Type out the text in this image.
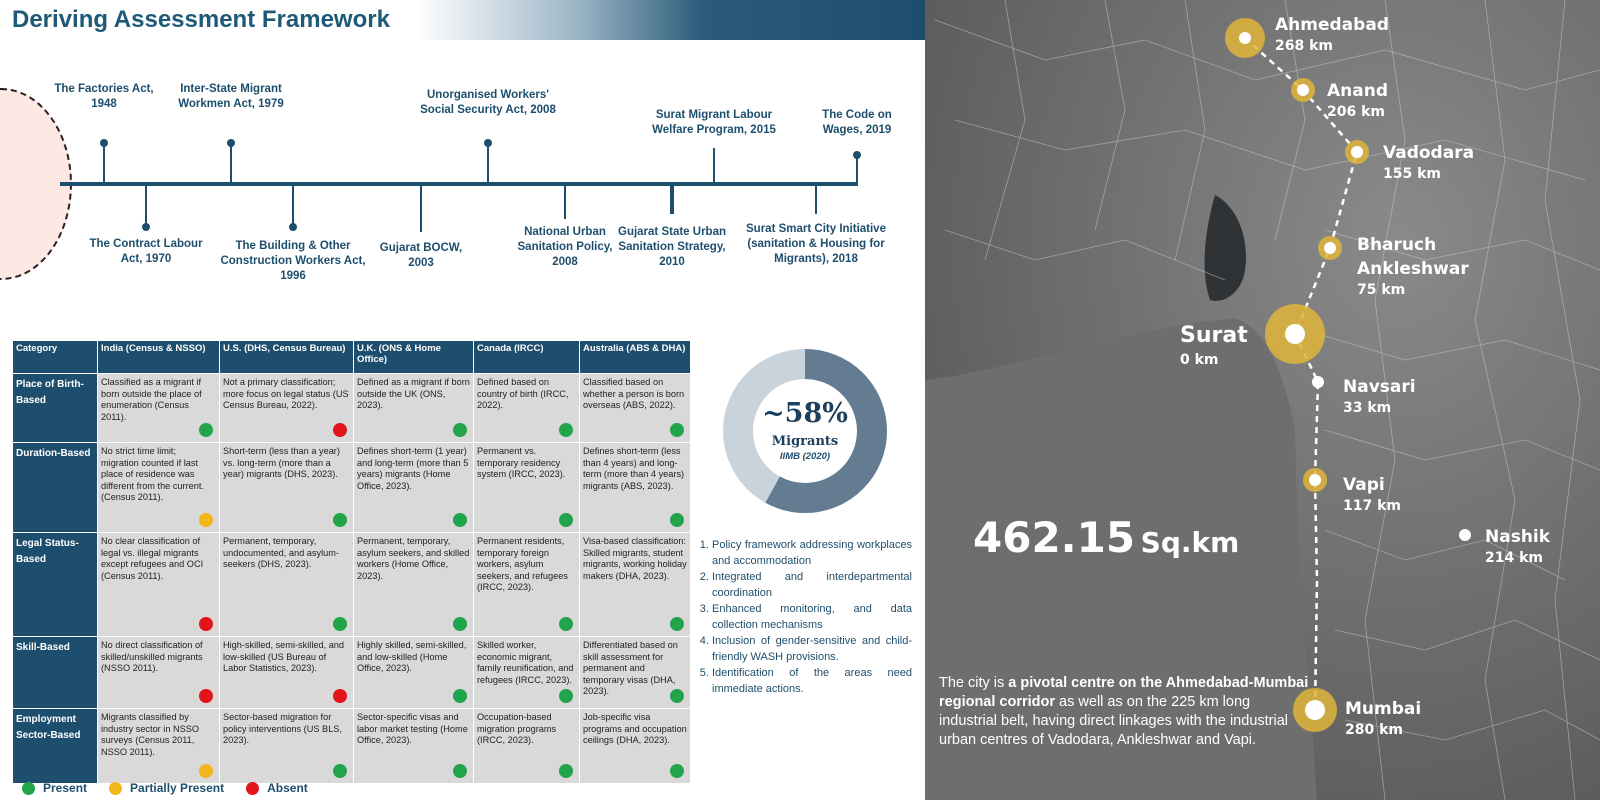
Deriving Assessment Framework
The Factories Act, 1948
The Contract Labour Act, 1970
Inter-State Migrant Workmen Act, 1979
The Building & Other Construction Workers Act, 1996
Gujarat BOCW, 2003
Unorganised Workers' Social Security Act, 2008
National Urban Sanitation Policy, 2008
Gujarat State Urban Sanitation Strategy, 2010
Surat Migrant Labour Welfare Program, 2015
Surat Smart City Initiative (sanitation & Housing for Migrants), 2018
The Code on Wages, 2019
Category	India (Census & NSSO)	U.S. (DHS, Census Bureau)	U.K. (ONS & Home Office)	Canada (IRCC)	Australia (ABS & DHA)
Place of Birth-Based	Classified as a migrant if born outside the place of enumeration (Census 2011).	Not a primary classification; more focus on legal status (US Census Bureau, 2022).	Defined as a migrant if born outside the UK (ONS, 2023).	Defined based on country of birth (IRCC, 2022).	Classified based on whether a person is born overseas (ABS, 2022).

Duration-Based	No strict time limit; migration counted if last place of residence was different from the current. (Census 2011).	Short-term (less than a year) vs. long-term (more than a year) migrants (DHS, 2023).	Defines short-term (1 year) and long-term (more than 5 years) migrants (Home Office, 2023).	Permanent vs. temporary residency system (IRCC, 2023).	Defines short-term (less than 4 years) and long-term (more than 4 years) migrants (ABS, 2023).

Legal Status-Based	No clear classification of legal vs. illegal migrants except refugees and OCI (Census 2011).	Permanent, temporary, undocumented, and asylum-seekers (DHS, 2023).	Permanent, temporary, asylum seekers, and skilled workers (Home Office, 2023).	Permanent residents, temporary foreign workers, asylum seekers, and refugees (IRCC, 2023).	Visa-based classification: Skilled migrants, student migrants, working holiday makers (DHA, 2023).

Skill-Based	No direct classification of skilled/unskilled migrants (NSSO 2011).	High-skilled, semi-skilled, and low-skilled (US Bureau of Labor Statistics, 2023).	Highly skilled, semi-skilled, and low-skilled (Home Office, 2023).	Skilled worker, economic migrant, family reunification, and refugees (IRCC, 2023).	Differentiated based on skill assessment for permanent and temporary visas (DHA, 2023).

Employment Sector-Based	Migrants classified by industry sector in NSSO surveys (Census 2011, NSSO 2011).	Sector-based migration for policy interventions (US BLS, 2023).	Sector-specific visas and labor market testing (Home Office, 2023).	Occupation-based migration programs (IRCC, 2023).	Job-specific visa programs and occupation ceilings (DHA, 2023).
Present	Partially Present	Absent
~58%
Migrants
IIMB (2020)
1. Policy framework addressing workplaces and accommodation
2. Integrated and interdepartmental coordination
3. Enhanced monitoring, and data collection mechanisms
4. Inclusion of gender-sensitive and child-friendly WASH provisions.
5. Identification of the areas need immediate actions.
Ahmedabad
268 km
Anand
206 km
Vadodara
155 km
Bharuch
Ankleshwar
75 km
Surat
0 km
Navsari
33 km
Vapi
117 km
Nashik
214 km
Mumbai
280 km
462.15 Sq.km
The city is a pivotal centre on the Ahmedabad-Mumbai regional corridor as well as on the 225 km long industrial belt, having direct linkages with the industrial urban centres of Vadodara, Ankleshwar and Vapi.
